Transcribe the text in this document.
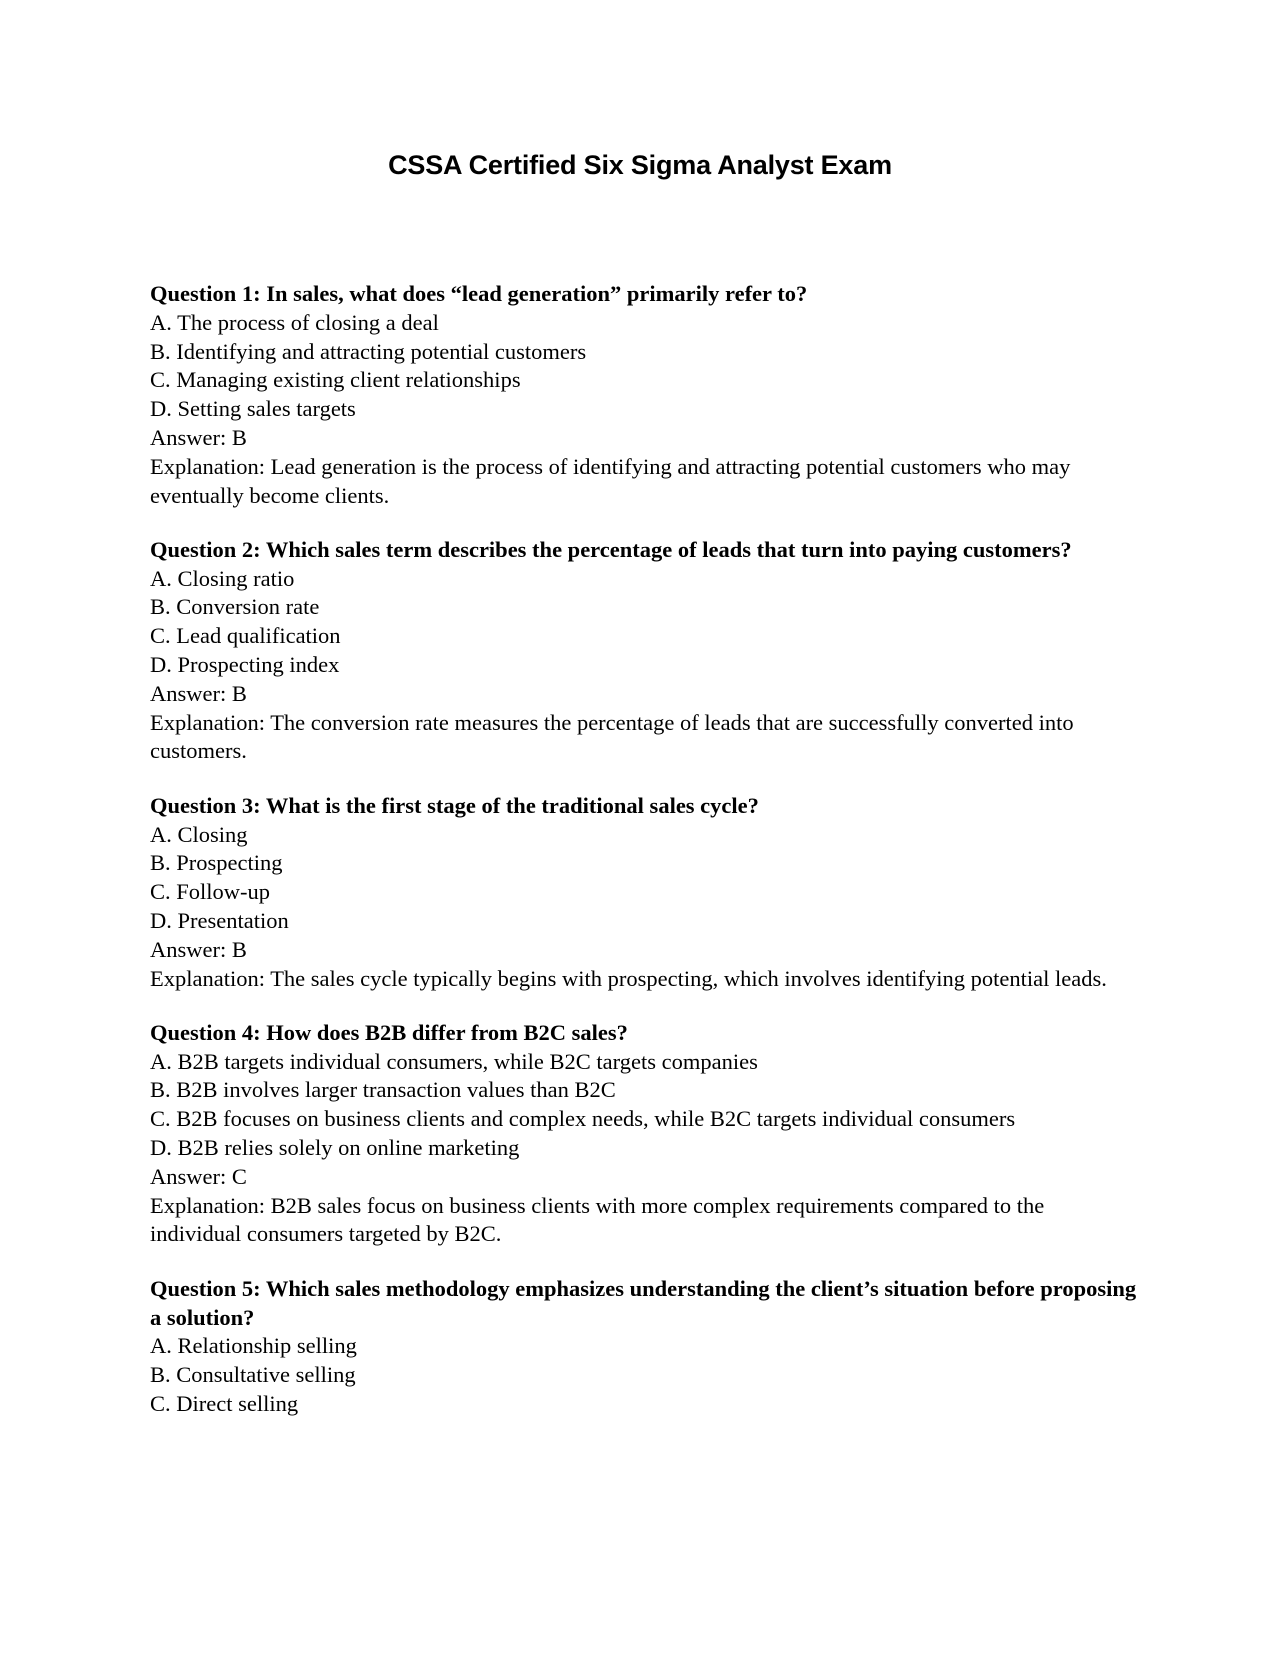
CSSA Certified Six Sigma Analyst Exam

Question 1: In sales, what does “lead generation” primarily refer to?

A. The process of closing a deal

B. Identifying and attracting potential customers

C. Managing existing client relationships

D. Setting sales targets

Answer: B

Explanation: Lead generation is the process of identifying and attracting potential customers who may eventually become clients.

Question 2: Which sales term describes the percentage of leads that turn into paying customers?

A. Closing ratio

B. Conversion rate

C. Lead qualification

D. Prospecting index

Answer: B

Explanation: The conversion rate measures the percentage of leads that are successfully converted into customers.

Question 3: What is the first stage of the traditional sales cycle?

A. Closing

B. Prospecting

C. Follow-up

D. Presentation

Answer: B

Explanation: The sales cycle typically begins with prospecting, which involves identifying potential leads.

Question 4: How does B2B differ from B2C sales?

A. B2B targets individual consumers, while B2C targets companies

B. B2B involves larger transaction values than B2C

C. B2B focuses on business clients and complex needs, while B2C targets individual consumers

D. B2B relies solely on online marketing

Answer: C

Explanation: B2B sales focus on business clients with more complex requirements compared to the individual consumers targeted by B2C.

Question 5: Which sales methodology emphasizes understanding the client’s situation before proposing a solution?

A. Relationship selling

B. Consultative selling

C. Direct selling
